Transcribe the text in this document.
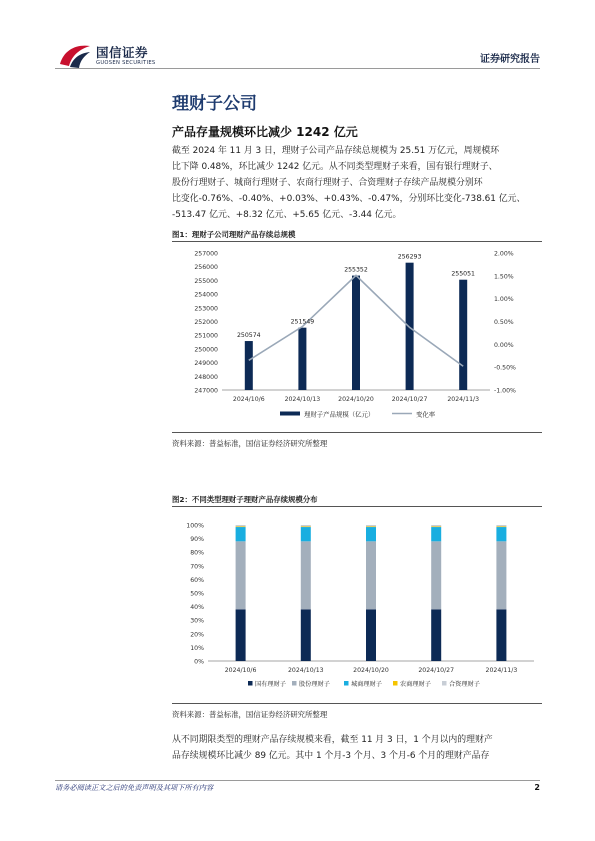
国信证券
GUOSEN SECURITIES	证券研究报告
理财子公司
产品存量规模环比减少 1242 亿元
截至 2024 年 11 月 3 日，理财子公司产品存续总规模为 25.51 万亿元，周规模环
比下降 0.48%，环比减少 1242 亿元。从不同类型理财子来看，国有银行理财子、
股份行理财子、城商行理财子、农商行理财子、合资理财子存续产品规模分别环
比变化-0.76%、-0.40%、+0.03%、+0.43%、-0.47%，分别环比变化-738.61 亿元、
-513.47 亿元、+8.32 亿元、+5.65 亿元、-3.44 亿元。
图1：理财子公司理财产品存续总规模
257000
256000
255000
254000
253000
252000
251000
250000
249000
248000
247000
2.00%
1.50%
1.00%
0.50%
0.00%
-0.50%
-1.00%
250574
251549
255352
256293
255051
2024/10/6	2024/10/13	2024/10/20	2024/10/27	2024/11/3
理财子产品规模（亿元）	变化率
资料来源：普益标准，国信证券经济研究所整理
图2：不同类型理财子理财产品存续规模分布
100%
90%
80%
70%
60%
50%
40%
30%
20%
10%
0%
2024/10/6	2024/10/13	2024/10/20	2024/10/27	2024/11/3
国有理财子 股份理财子	城商理财子	农商理财子	合资理财子
资料来源：普益标准，国信证券经济研究所整理
从不同期限类型的理财产品存续规模来看，截至 11 月 3 日，1 个月以内的理财产
品存续规模环比减少 89 亿元。其中 1 个月-3 个月、3 个月-6 个月的理财产品存
请务必阅读正文之后的免责声明及其项下所有内容	2
